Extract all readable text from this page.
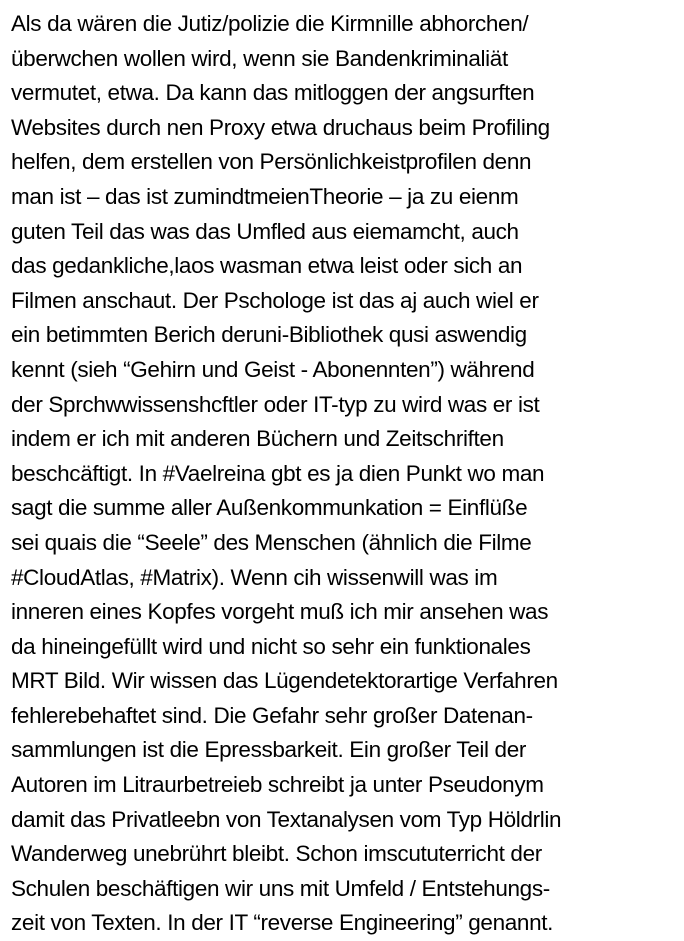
Als da wären die Jutiz/polizie die Kirmnille abhorchen/
überwchen wollen wird, wenn sie Bandenkriminaliät
vermutet, etwa. Da kann das mitloggen der angsurften
Websites durch nen Proxy etwa druchaus beim Profiling
helfen, dem erstellen von Persönlichkeistprofilen denn
man ist – das ist zumindtmeienTheorie – ja zu eienm
guten Teil das was das Umfled aus eiemamcht, auch
das gedankliche,laos wasman etwa leist oder sich an
Filmen anschaut. Der Pschologe ist das aj auch wiel er
ein betimmten Berich deruni-Bibliothek qusi aswendig
kennt (sieh “Gehirn und Geist - Abonennten”) während
der Sprchwwissenshcftler oder IT-typ zu wird was er ist
indem er ich mit anderen Büchern und Zeitschriften
beschcäftigt. In #Vaelreina gbt es ja dien Punkt wo man
sagt die summe aller Außenkommunkation = Einflüße
sei quais die “Seele” des Menschen (ähnlich die Filme
#CloudAtlas, #Matrix). Wenn cih wissenwill was im
inneren eines Kopfes vorgeht muß ich mir ansehen was
da hineingefüllt wird und nicht so sehr ein funktionales
MRT Bild. Wir wissen das Lügendetektorartige Verfahren
fehlerebehaftet sind. Die Gefahr sehr großer Datenan-
sammlungen ist die Epressbarkeit. Ein großer Teil der
Autoren im Litraurbetreieb schreibt ja unter Pseudonym
damit das Privatleebn von Textanalysen vom Typ Höldrlin
Wanderweg unebrührt bleibt. Schon imscututerricht der
Schulen beschäftigen wir uns mit Umfeld / Entstehungs-
zeit von Texten. In der IT “reverse Engineering” genannt.
